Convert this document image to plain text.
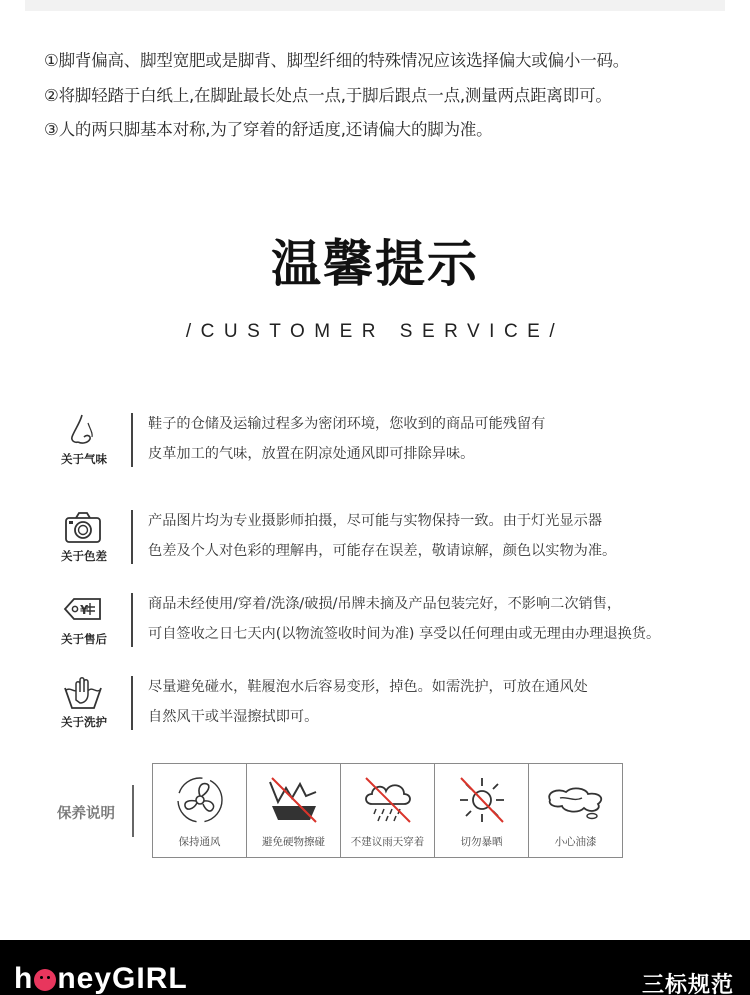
①脚背偏高、脚型宽肥或是脚背、脚型纤细的特殊情况应该选择偏大或偏小一码。
②将脚轻踏于白纸上,在脚趾最长处点一点,于脚后跟点一点,测量两点距离即可。
③人的两只脚基本对称,为了穿着的舒适度,还请偏大的脚为准。
温馨提示
/CUSTOMER SERVICE/
关于气味
鞋子的仓储及运输过程多为密闭环境，您收到的商品可能残留有
皮革加工的气味，放置在阴凉处通风即可排除异味。
关于色差
产品图片均为专业摄影师拍摄，尽可能与实物保持一致。由于灯光显示器
色差及个人对色彩的理解冉，可能存在误差，敬请谅解，颜色以实物为准。
¥
关于售后
商品未经使用/穿着/洗涤/破损/吊牌未摘及产品包装完好，不影响二次销售，
可自签收之日七天内(以物流签收时间为准) 享受以任何理由或无理由办理退换货。
关于洗护
尽量避免碰水，鞋履泡水后容易变形，掉色。如需洗护，可放在通风处
自然风干或半湿擦拭即可。
保养说明
保持通风	避免硬物擦碰	不建议雨天穿着	切勿暴晒	小心油漆
h neyGIRL	三标规范
